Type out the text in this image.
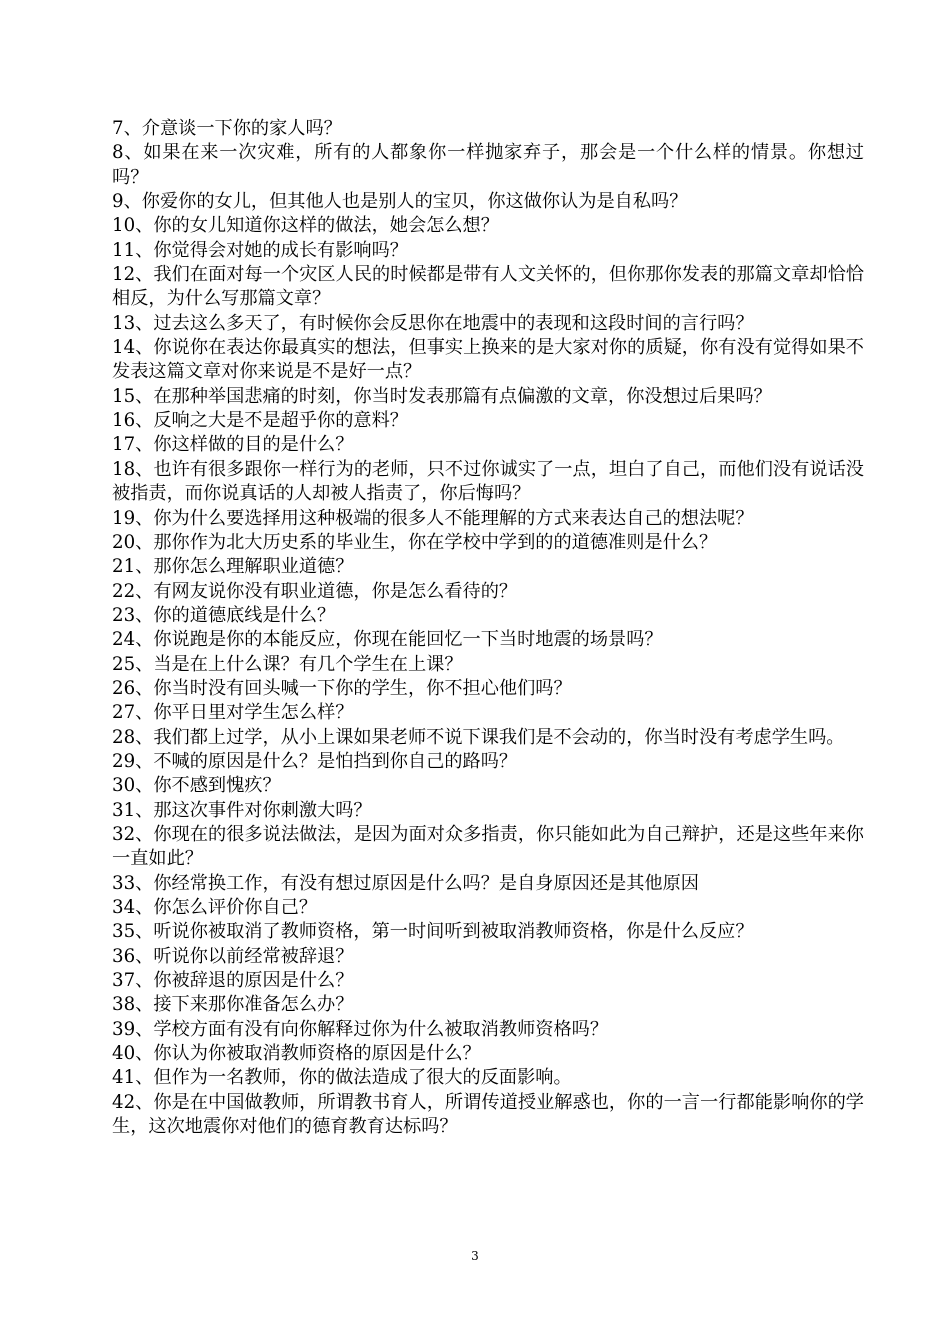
7、介意谈一下你的家人吗？

8、如果在来一次灾难，所有的人都象你一样抛家弃子，那会是一个什么样的情景。你想过吗？

9、你爱你的女儿，但其他人也是别人的宝贝，你这做你认为是自私吗？

10、你的女儿知道你这样的做法，她会怎么想？

11、你觉得会对她的成长有影响吗？

12、我们在面对每一个灾区人民的时候都是带有人文关怀的，但你那你发表的那篇文章却恰恰相反，为什么写那篇文章？

13、过去这么多天了，有时候你会反思你在地震中的表现和这段时间的言行吗？

14、你说你在表达你最真实的想法，但事实上换来的是大家对你的质疑，你有没有觉得如果不发表这篇文章对你来说是不是好一点？

15、在那种举国悲痛的时刻，你当时发表那篇有点偏激的文章，你没想过后果吗？

16、反响之大是不是超乎你的意料？

17、你这样做的目的是什么？

18、也许有很多跟你一样行为的老师，只不过你诚实了一点，坦白了自己，而他们没有说话没被指责，而你说真话的人却被人指责了，你后悔吗？

19、你为什么要选择用这种极端的很多人不能理解的方式来表达自己的想法呢？

20、那你作为北大历史系的毕业生，你在学校中学到的的道德准则是什么？

21、那你怎么理解职业道德？

22、有网友说你没有职业道德，你是怎么看待的？

23、你的道德底线是什么？

24、你说跑是你的本能反应，你现在能回忆一下当时地震的场景吗？

25、当是在上什么课？有几个学生在上课？

26、你当时没有回头喊一下你的学生，你不担心他们吗？

27、你平日里对学生怎么样？

28、我们都上过学，从小上课如果老师不说下课我们是不会动的，你当时没有考虑学生吗。

29、不喊的原因是什么？是怕挡到你自己的路吗？

30、你不感到愧疚？

31、那这次事件对你刺激大吗？

32、你现在的很多说法做法，是因为面对众多指责，你只能如此为自己辩护，还是这些年来你一直如此？

33、你经常换工作，有没有想过原因是什么吗？是自身原因还是其他原因

34、你怎么评价你自己？

35、听说你被取消了教师资格，第一时间听到被取消教师资格，你是什么反应？

36、听说你以前经常被辞退？

37、你被辞退的原因是什么？

38、接下来那你准备怎么办？

39、学校方面有没有向你解释过你为什么被取消教师资格吗？

40、你认为你被取消教师资格的原因是什么？

41、但作为一名教师，你的做法造成了很大的反面影响。

42、你是在中国做教师，所谓教书育人，所谓传道授业解惑也，你的一言一行都能影响你的学生，这次地震你对他们的德育教育达标吗？

3
